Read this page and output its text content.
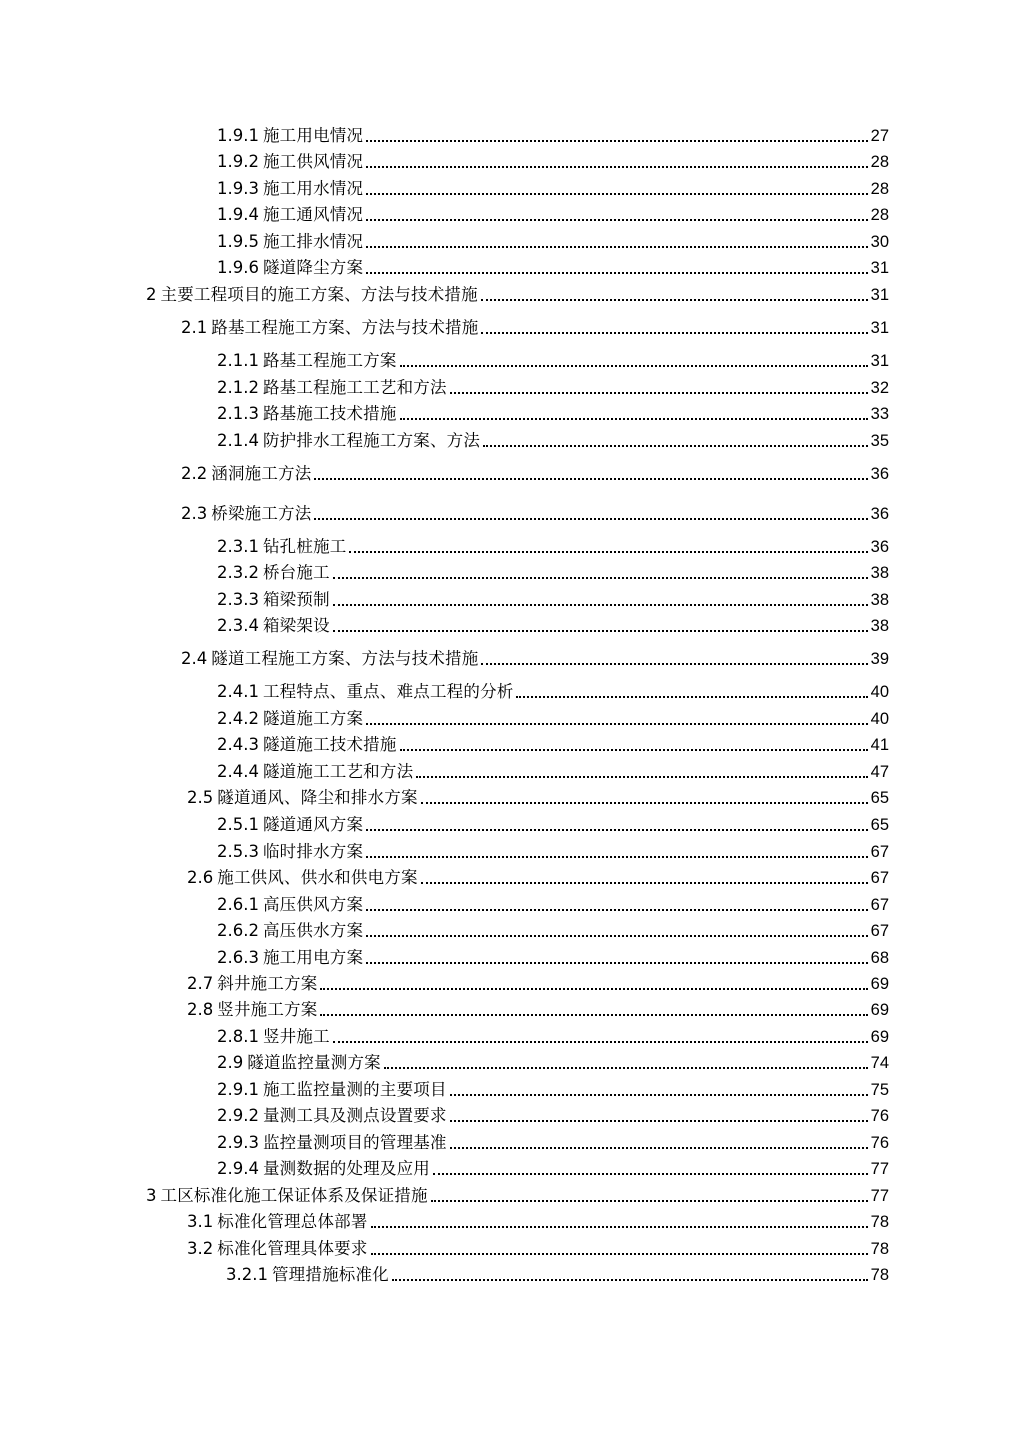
1.9.1 施工用电情况	27
1.9.2 施工供风情况	28
1.9.3 施工用水情况	28
1.9.4 施工通风情况	28
1.9.5 施工排水情况	30
1.9.6 隧道降尘方案	31
2 主要工程项目的施工方案、方法与技术措施	31
2.1 路基工程施工方案、方法与技术措施	31
2.1.1 路基工程施工方案	31
2.1.2 路基工程施工工艺和方法	32
2.1.3 路基施工技术措施	33
2.1.4 防护排水工程施工方案、方法	35
2.2 涵洞施工方法	36
2.3 桥梁施工方法	36
2.3.1 钻孔桩施工	36
2.3.2 桥台施工	38
2.3.3 箱梁预制	38
2.3.4 箱梁架设	38
2.4 隧道工程施工方案、方法与技术措施	39
2.4.1 工程特点、重点、难点工程的分析	40
2.4.2 隧道施工方案	40
2.4.3 隧道施工技术措施	41
2.4.4 隧道施工工艺和方法	47
2.5 隧道通风、降尘和排水方案	65
2.5.1 隧道通风方案	65
2.5.3 临时排水方案	67
2.6 施工供风、供水和供电方案	67
2.6.1 高压供风方案	67
2.6.2 高压供水方案	67
2.6.3 施工用电方案	68
2.7 斜井施工方案	69
2.8 竖井施工方案	69
2.8.1 竖井施工	69
2.9 隧道监控量测方案	74
2.9.1 施工监控量测的主要项目	75
2.9.2 量测工具及测点设置要求	76
2.9.3 监控量测项目的管理基准	76
2.9.4 量测数据的处理及应用	77
3 工区标准化施工保证体系及保证措施	77
3.1 标准化管理总体部署	78
3.2 标准化管理具体要求	78
3.2.1 管理措施标准化	78
